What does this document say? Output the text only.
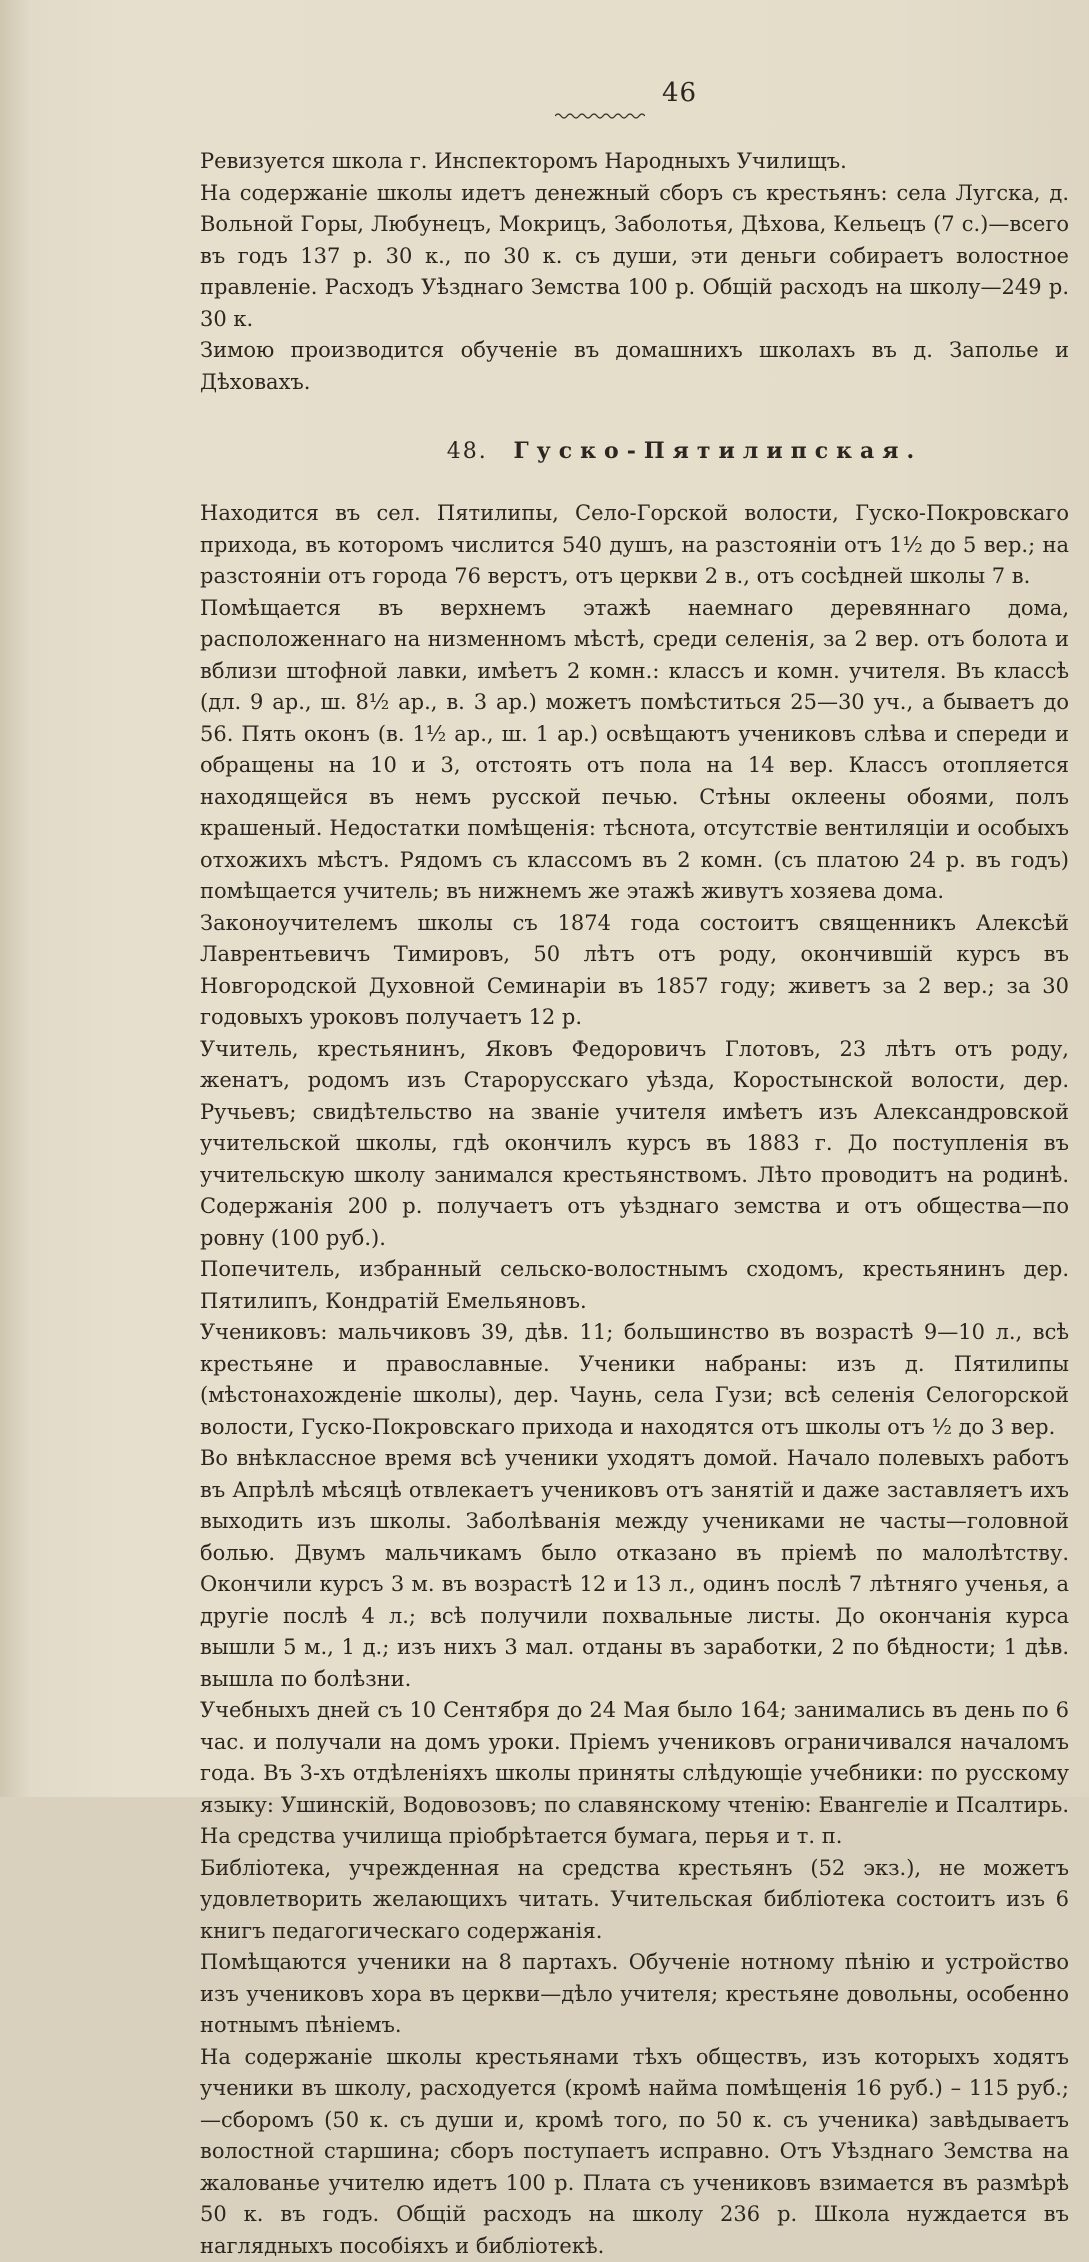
46

Ревизуется школа г. Инспекторомъ Народныхъ Училищъ.

На содержаніе школы идетъ денежный сборъ съ крестьянъ: села Лугска, д. Вольной Горы, Любунецъ, Мокрицъ, Заболотья, Дѣхова, Кельецъ (7 с.)—всего въ годъ 137 р. 30 к., по 30 к. съ души, эти деньги собираетъ волостное правленіе. Расходъ Уѣзднаго Земства 100 р. Общій расходъ на школу—249 р. 30 к.

Зимою производится обученіе въ домашнихъ школахъ въ д. Заполье и Дѣховахъ.

48. Гуско-Пятилипская.

Находится въ сел. Пятилипы, Село-Горской волости, Гуско-Покровскаго прихода, въ которомъ числится 540 душъ, на разстояніи отъ 1½ до 5 вер.; на разстояніи отъ города 76 верстъ, отъ церкви 2 в., отъ сосѣдней школы 7 в.

Помѣщается въ верхнемъ этажѣ наемнаго деревяннаго дома, расположеннаго на низменномъ мѣстѣ, среди селенія, за 2 вер. отъ болота и вблизи штофной лавки, имѣетъ 2 комн.: классъ и комн. учителя. Въ классѣ (дл. 9 ар., ш. 8½ ар., в. 3 ар.) можетъ помѣститься 25—30 уч., а бываетъ до 56. Пять оконъ (в. 1½ ар., ш. 1 ар.) освѣщаютъ учениковъ слѣва и спереди и обращены на 10 и 3, отстоять отъ пола на 14 вер. Классъ отопляется находящейся въ немъ русской печью. Стѣны оклеены обоями, полъ крашеный. Недостатки помѣщенія: тѣснота, отсутствіе вентиляціи и особыхъ отхожихъ мѣстъ. Рядомъ съ классомъ въ 2 комн. (съ платою 24 р. въ годъ) помѣщается учитель; въ нижнемъ же этажѣ живутъ хозяева дома.

Законоучителемъ школы съ 1874 года состоитъ священникъ Алексѣй Лаврентьевичъ Тимировъ, 50 лѣтъ отъ роду, окончившій курсъ въ Новгородской Духовной Семинаріи въ 1857 году; живетъ за 2 вер.; за 30 годовыхъ уроковъ получаетъ 12 р.

Учитель, крестьянинъ, Яковъ Федоровичъ Глотовъ, 23 лѣтъ отъ роду, женатъ, родомъ изъ Старорусскаго уѣзда, Коростынской волости, дер. Ручьевъ; свидѣтельство на званіе учителя имѣетъ изъ Александровской учительской школы, гдѣ окончилъ курсъ въ 1883 г. До поступленія въ учительскую школу занимался крестьянствомъ. Лѣто проводитъ на родинѣ. Содержанія 200 р. получаетъ отъ уѣзднаго земства и отъ общества—по ровну (100 руб.).

Попечитель, избранный сельско-волостнымъ сходомъ, крестьянинъ дер. Пятилипъ, Кондратій Емельяновъ.

Учениковъ: мальчиковъ 39, дѣв. 11; большинство въ возрастѣ 9—10 л., всѣ крестьяне и православные. Ученики набраны: изъ д. Пятилипы (мѣстонахожденіе школы), дер. Чаунь, села Гузи; всѣ селенія Селогорской волости, Гуско-Покровскаго прихода и находятся отъ школы отъ ½ до 3 вер.

Во внѣклассное время всѣ ученики уходятъ домой. Начало полевыхъ работъ въ Апрѣлѣ мѣсяцѣ отвлекаетъ учениковъ отъ занятій и даже заставляетъ ихъ выходить изъ школы. Заболѣванія между учениками не часты—головной болью. Двумъ мальчикамъ было отказано въ пріемѣ по малолѣтству. Окончили курсъ 3 м. въ возрастѣ 12 и 13 л., одинъ послѣ 7 лѣтняго ученья, а другіе послѣ 4 л.; всѣ получили похвальные листы. До окончанія курса вышли 5 м., 1 д.; изъ нихъ 3 мал. отданы въ заработки, 2 по бѣдности; 1 дѣв. вышла по болѣзни.

Учебныхъ дней съ 10 Сентября до 24 Мая было 164; занимались въ день по 6 час. и получали на домъ уроки. Пріемъ учениковъ ограничивался началомъ года. Въ 3-хъ отдѣленіяхъ школы приняты слѣдующіе учебники: по русскому языку: Ушинскій, Водовозовъ; по славянскому чтенію: Евангеліе и Псалтирь. На средства училища пріобрѣтается бумага, перья и т. п.

Библіотека, учрежденная на средства крестьянъ (52 экз.), не можетъ удовлетворить желающихъ читать. Учительская библіотека состоитъ изъ 6 книгъ педагогическаго содержанія.

Помѣщаются ученики на 8 партахъ. Обученіе нотному пѣнію и устройство изъ учениковъ хора въ церкви—дѣло учителя; крестьяне довольны, особенно нотнымъ пѣніемъ.

На содержаніе школы крестьянами тѣхъ обществъ, изъ которыхъ ходятъ ученики въ школу, расходуется (кромѣ найма помѣщенія 16 руб.) – 115 руб.;—сборомъ (50 к. съ души и, кромѣ того, по 50 к. съ ученика) завѣдываетъ волостной старшина; сборъ поступаетъ исправно. Отъ Уѣзднаго Земства на жалованье учителю идетъ 100 р. Плата съ учениковъ взимается въ размѣрѣ 50 к. въ годъ. Общій расходъ на школу 236 р. Школа нуждается въ наглядныхъ пособіяхъ и библіотекѣ.
